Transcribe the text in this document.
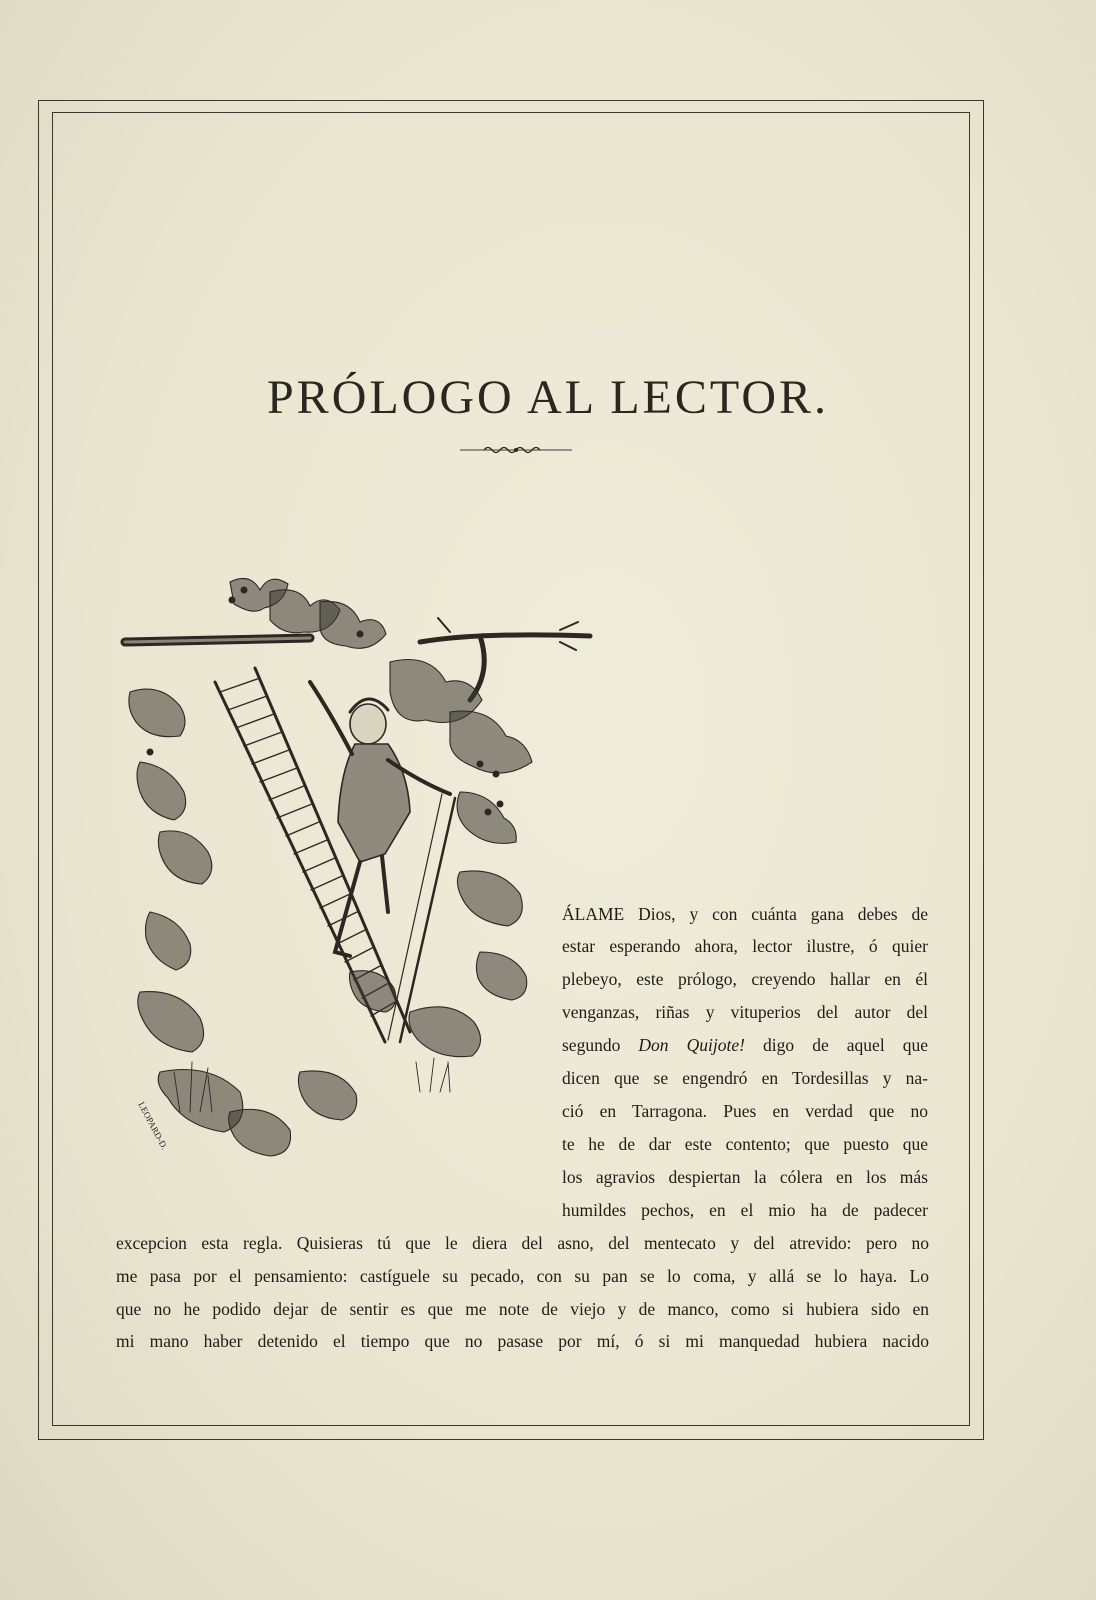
PRÓLOGO AL LECTOR.
LEOPARD-D.
ÁLAME Dios, y con cuánta gana debes de
estar esperando ahora, lector ilustre, ó quier
plebeyo, este prólogo, creyendo hallar en él
venganzas, riñas y vituperios del autor del
segundo Don Quijote! digo de aquel que
dicen que se engendró en Tordesillas y na-
ció en Tarragona. Pues en verdad que no
te he de dar este contento; que puesto que
los agravios despiertan la cólera en los más
humildes pechos, en el mio ha de padecer
excepcion esta regla. Quisieras tú que le diera del asno, del mentecato y del atrevido: pero no
me pasa por el pensamiento: castíguele su pecado, con su pan se lo coma, y allá se lo haya. Lo
que no he podido dejar de sentir es que me note de viejo y de manco, como si hubiera sido en
mi mano haber detenido el tiempo que no pasase por mí, ó si mi manquedad hubiera nacido
